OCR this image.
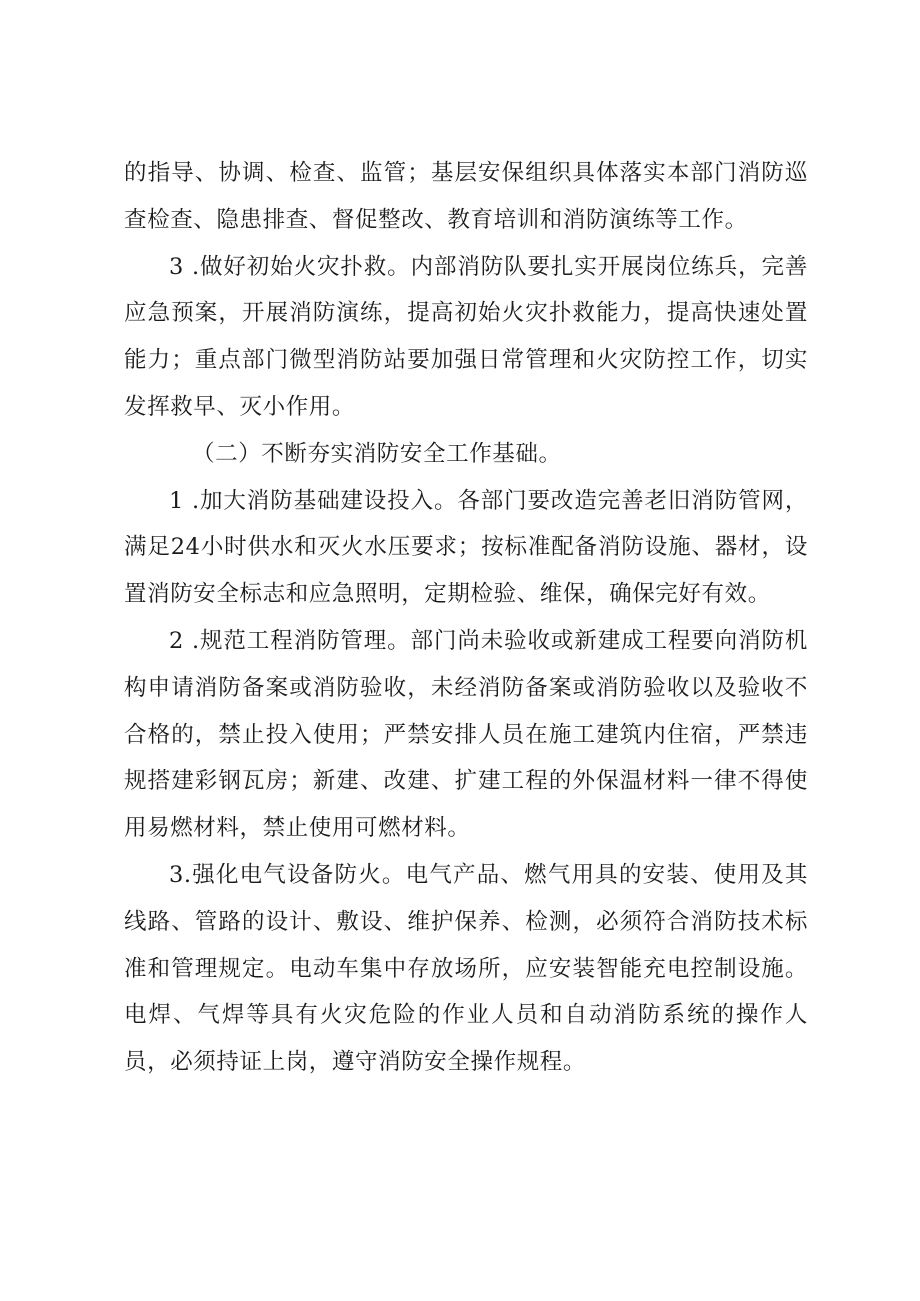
的指导、协调、检查、监管；基层安保组织具体落实本部门消防巡查检查、隐患排查、督促整改、教育培训和消防演练等工作。

3 .做好初始火灾扑救。内部消防队要扎实开展岗位练兵，完善应急预案，开展消防演练，提高初始火灾扑救能力，提高快速处置能力；重点部门微型消防站要加强日常管理和火灾防控工作，切实发挥救早、灭小作用。

（二）不断夯实消防安全工作基础。

1 .加大消防基础建设投入。各部门要改造完善老旧消防管网，满足24小时供水和灭火水压要求；按标准配备消防设施、器材，设置消防安全标志和应急照明，定期检验、维保，确保完好有效。

2 .规范工程消防管理。部门尚未验收或新建成工程要向消防机构申请消防备案或消防验收，未经消防备案或消防验收以及验收不合格的，禁止投入使用；严禁安排人员在施工建筑内住宿，严禁违规搭建彩钢瓦房；新建、改建、扩建工程的外保温材料一律不得使用易燃材料，禁止使用可燃材料。

3.强化电气设备防火。电气产品、燃气用具的安装、使用及其线路、管路的设计、敷设、维护保养、检测，必须符合消防技术标准和管理规定。电动车集中存放场所，应安装智能充电控制设施。电焊、气焊等具有火灾危险的作业人员和自动消防系统的操作人员，必须持证上岗，遵守消防安全操作规程。
